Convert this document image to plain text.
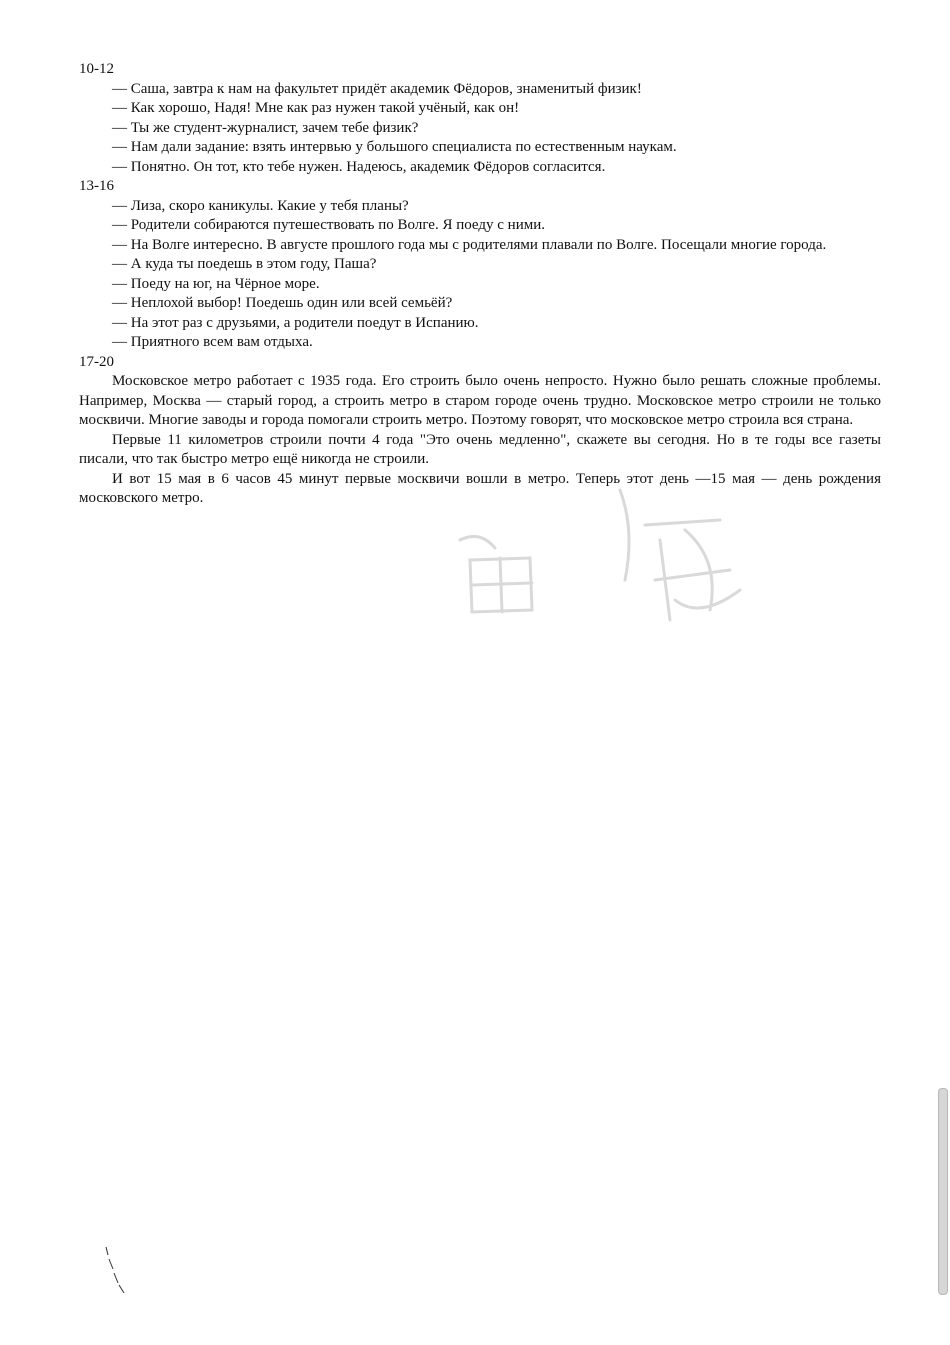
10-12

— Саша, завтра к нам на факультет придёт академик Фёдоров, знаменитый физик!

— Как хорошо, Надя! Мне как раз нужен такой учёный, как он!

— Ты же студент-журналист, зачем тебе физик?

— Нам дали задание: взять интервью у большого специалиста по естественным наукам.

— Понятно. Он тот, кто тебе нужен. Надеюсь, академик Фёдоров согласится.

13-16

— Лиза, скоро каникулы. Какие у тебя планы?

— Родители собираются путешествовать по Волге. Я поеду с ними.

— На Волге интересно. В августе прошлого года мы с родителями плавали по Волге. Посещали многие города.

— А куда ты поедешь в этом году, Паша?

— Поеду на юг, на Чёрное море.

— Неплохой выбор! Поедешь один или всей семьёй?

— На этот раз с друзьями, а родители поедут в Испанию.

— Приятного всем вам отдыха.

17-20

Московское метро работает с 1935 года. Его строить было очень непросто. Нужно было решать сложные проблемы. Например, Москва — старый город, а строить метро в старом городе очень трудно. Московское метро строили не только москвичи. Многие заводы и города помогали строить метро. Поэтому говорят, что московское метро строила вся страна.

Первые 11 километров строили почти 4 года "Это очень медленно", скажете вы сегодня. Но в те годы все газеты писали, что так быстро метро ещё никогда не строили.

И вот 15 мая в 6 часов 45 минут первые москвичи вошли в метро. Теперь этот день —15 мая — день рождения московского метро.
